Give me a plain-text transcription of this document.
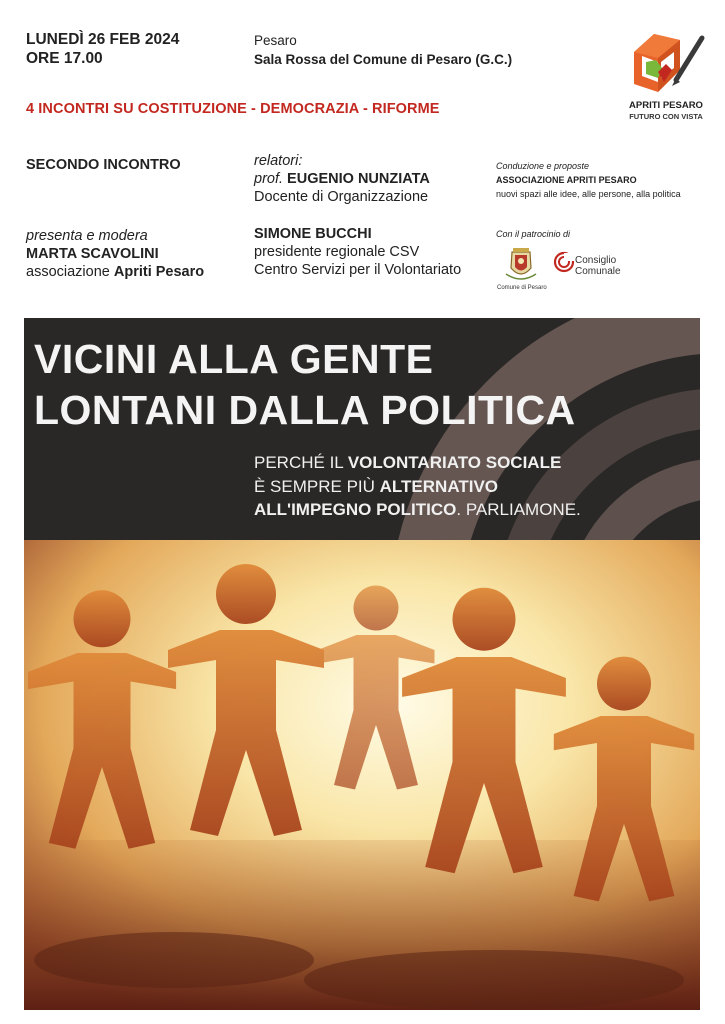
LUNEDÌ 26 FEB 2024
ORE 17.00
Pesaro
Sala Rossa del Comune di Pesaro (G.C.)
4 INCONTRI SU COSTITUZIONE - DEMOCRAZIA - RIFORME	APRITI PESARO
FUTURO CON VISTA
SECONDO INCONTRO	relatori:
prof. EUGENIO NUNZIATA
Docente di Organizzazione
presenta e modera
MARTA SCAVOLINI
associazione Apriti Pesaro
SIMONE BUCCHI
presidente regionale CSV
Centro Servizi per il Volontariato
Conduzione e proposte
ASSOCIAZIONE APRITI PESARO
nuovi spazi alle idee, alle persone, alla politica
Con il patrocinio di
Comune di Pesaro
Consiglio
Comunale
VICINI ALLA GENTE
LONTANI DALLA POLITICA
PERCHÉ IL VOLONTARIATO SOCIALE
È SEMPRE PIÙ ALTERNATIVO
ALL'IMPEGNO POLITICO. PARLIAMONE.
